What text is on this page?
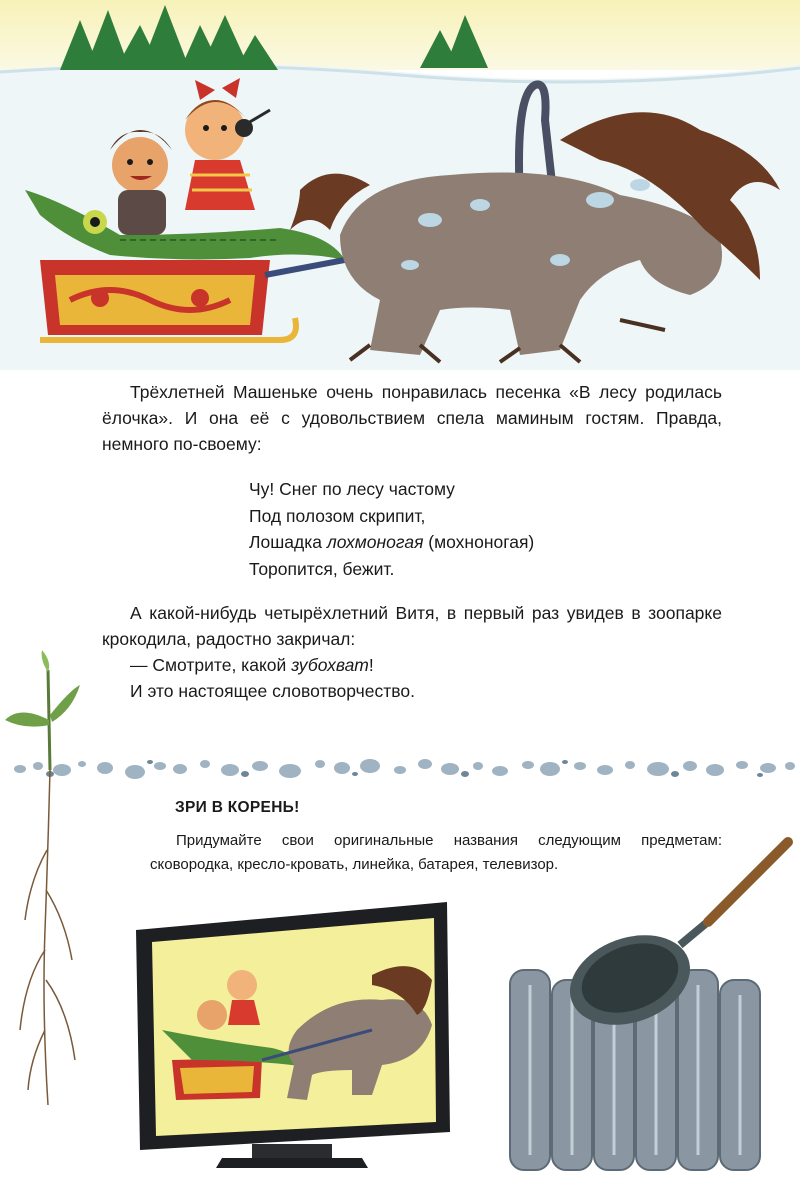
Трёхлетней Машеньке очень понравилась песенка «В лесу родилась ёлочка». И она её с удовольствием спела маминым гостям. Правда, немного по-своему:

Чу! Снег по лесу частому
Под полозом скрипит,
Лошадка лохмоногая (мохноногая)
Торопится, бежит.
А какой-нибудь четырёхлетний Витя, в первый раз увидев в зоопарке крокодила, радостно закричал:
— Смотрите, какой зубохват!
И это настоящее словотворчество.

ЗРИ В КОРЕНЬ!

Придумайте свои оригинальные названия следующим предметам: сковородка, кресло-кровать, линейка, батарея, телевизор.
